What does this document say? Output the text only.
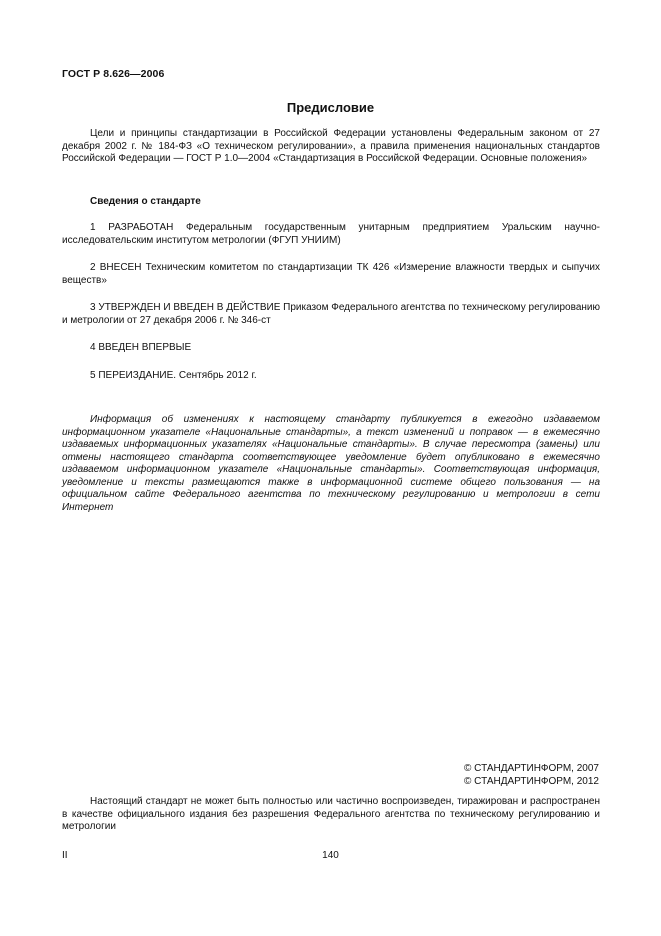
ГОСТ Р 8.626—2006
Предисловие
Цели и принципы стандартизации в Российской Федерации установлены Федеральным законом от 27 декабря 2002 г. № 184-ФЗ «О техническом регулировании», а правила применения национальных стандартов Российской Федерации — ГОСТ Р 1.0—2004 «Стандартизация в Российской Федерации. Основные положения»
Сведения о стандарте
1 РАЗРАБОТАН Федеральным государственным унитарным предприятием Уральским научно-исследовательским институтом метрологии (ФГУП УНИИМ)
2 ВНЕСЕН Техническим комитетом по стандартизации ТК 426 «Измерение влажности твердых и сыпучих веществ»
3 УТВЕРЖДЕН И ВВЕДЕН В ДЕЙСТВИЕ Приказом Федерального агентства по техническому регулированию и метрологии от 27 декабря 2006 г. № 346-ст
4 ВВЕДЕН ВПЕРВЫЕ
5 ПЕРЕИЗДАНИЕ. Сентябрь 2012 г.
Информация об изменениях к настоящему стандарту публикуется в ежегодно издаваемом информационном указателе «Национальные стандарты», а текст изменений и поправок — в ежемесячно издаваемых информационных указателях «Национальные стандарты». В случае пересмотра (замены) или отмены настоящего стандарта соответствующее уведомление будет опубликовано в ежемесячно издаваемом информационном указателе «Национальные стандарты». Соответствующая информация, уведомление и тексты размещаются также в информационной системе общего пользования — на официальном сайте Федерального агентства по техническому регулированию и метрологии в сети Интернет
© СТАНДАРТИНФОРМ, 2007
© СТАНДАРТИНФОРМ, 2012
Настоящий стандарт не может быть полностью или частично воспроизведен, тиражирован и распространен в качестве официального издания без разрешения Федерального агентства по техническому регулированию и метрологии
II	140
